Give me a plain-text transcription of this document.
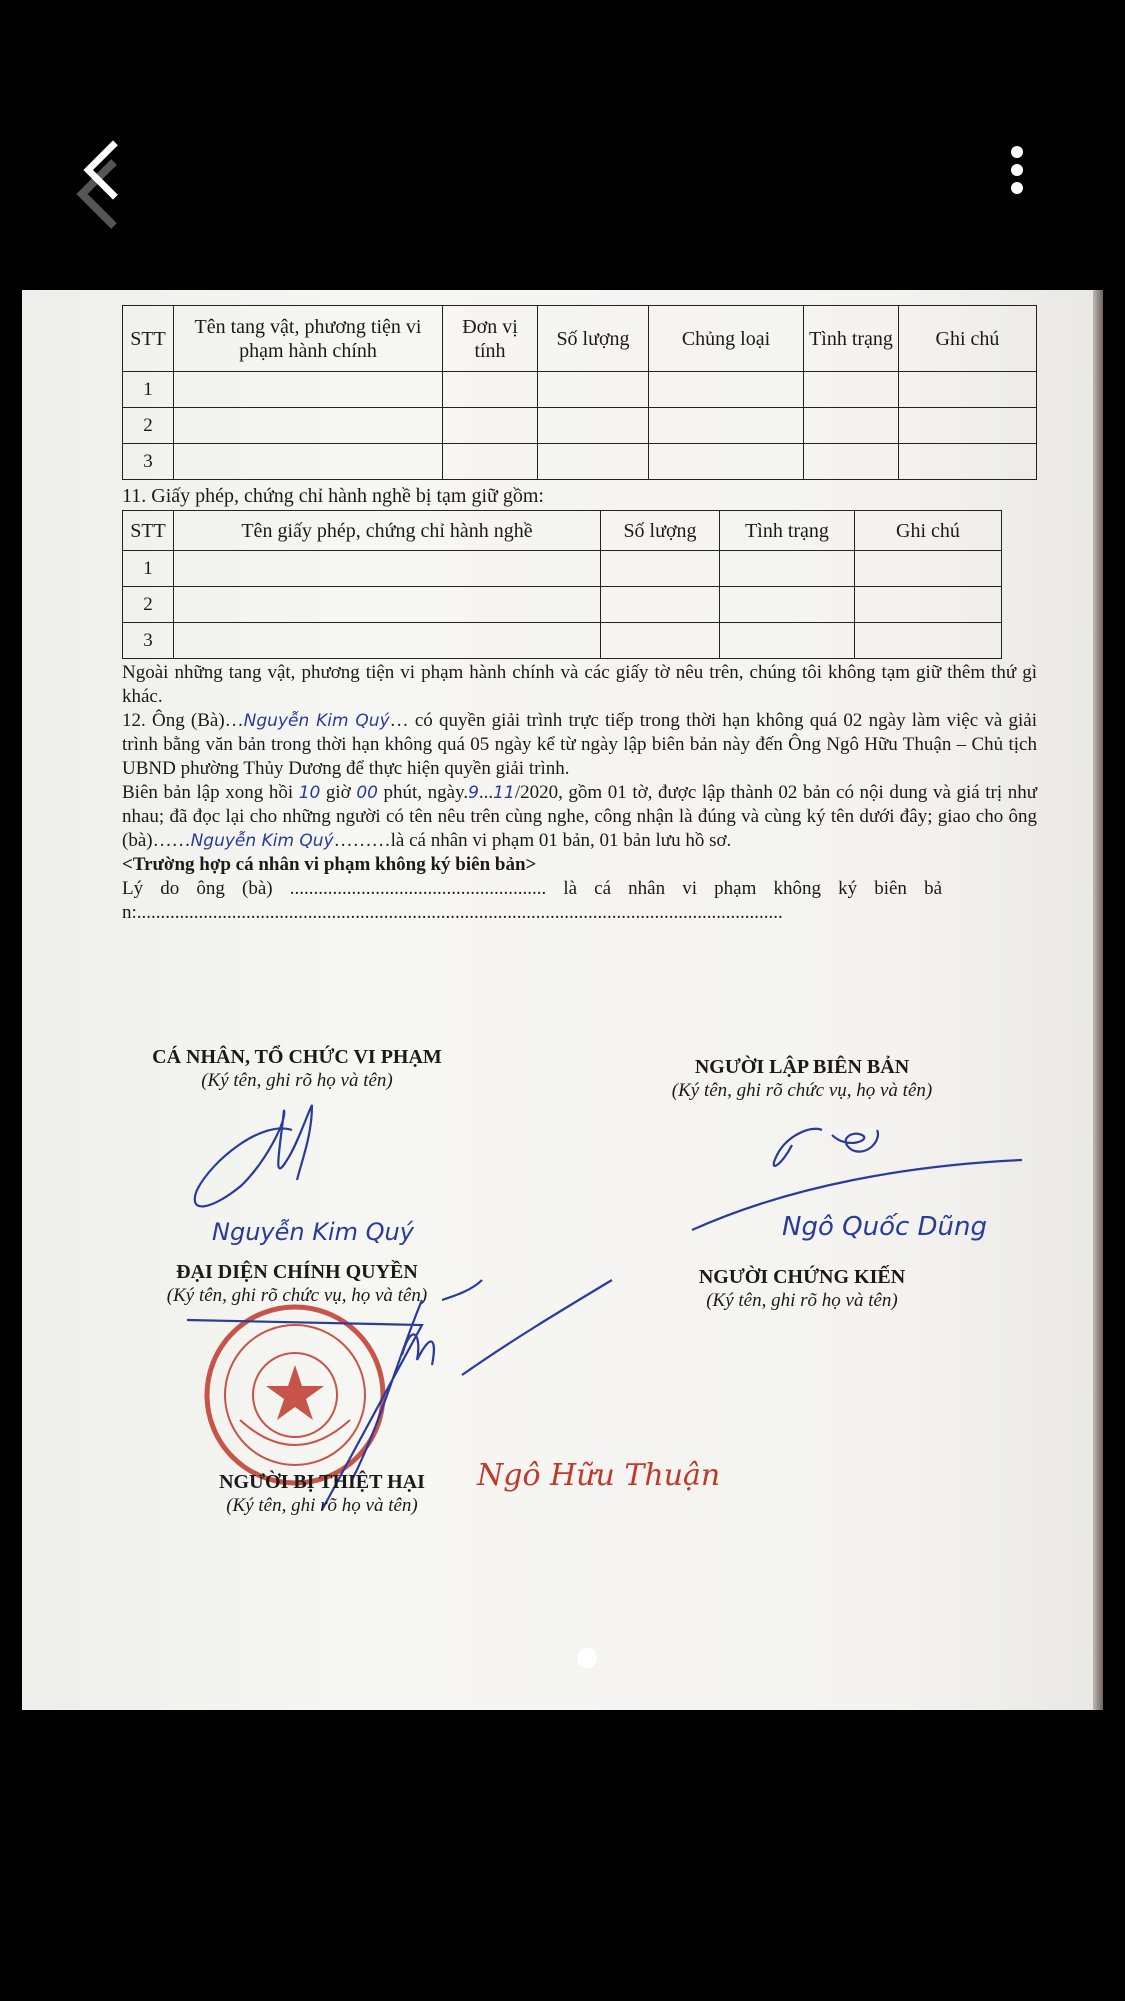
STT	Tên tang vật, phương tiện vi phạm hành chính	Đơn vị tính	Số lượng	Chủng loại	Tình trạng	Ghi chú
1						
2						
3						
11. Giấy phép, chứng chỉ hành nghề bị tạm giữ gồm:
STT	Tên giấy phép, chứng chỉ hành nghề	Số lượng	Tình trạng	Ghi chú
1				
2				
3				

Ngoài những tang vật, phương tiện vi phạm hành chính và các giấy tờ nêu trên, chúng tôi không tạm giữ thêm thứ gì khác.

12. Ông (Bà)…Nguyễn Kim Quý… có quyền giải trình trực tiếp trong thời hạn không quá 02 ngày làm việc và giải trình bằng văn bản trong thời hạn không quá 05 ngày kể từ ngày lập biên bản này đến Ông Ngô Hữu Thuận – Chủ tịch UBND phường Thủy Dương để thực hiện quyền giải trình.

Biên bản lập xong hồi 10 giờ 00 phút, ngày.9...11/2020, gồm 01 tờ, được lập thành 02 bản có nội dung và giá trị như nhau; đã đọc lại cho những người có tên nêu trên cùng nghe, công nhận là đúng và cùng ký tên dưới đây; giao cho ông (bà)……Nguyễn Kim Quý………là cá nhân vi phạm 01 bản, 01 bản lưu hồ sơ.

<Trường hợp cá nhân vi phạm không ký biên bản>

Lý do ông (bà) ...................................................... là cá nhân vi phạm không ký biên bản:........................................................................................................................................

CÁ NHÂN, TỔ CHỨC VI PHẠM
(Ký tên, ghi rõ họ và tên)
Nguyễn Kim Quý
NGƯỜI LẬP BIÊN BẢN
(Ký tên, ghi rõ chức vụ, họ và tên)
Ngô Quốc Dũng
ĐẠI DIỆN CHÍNH QUYỀN
(Ký tên, ghi rõ chức vụ, họ và tên)
NGƯỜI CHỨNG KIẾN
(Ký tên, ghi rõ họ và tên)
Ngô Hữu Thuận
NGƯỜI BỊ THIỆT HẠI
(Ký tên, ghi rõ họ và tên)
